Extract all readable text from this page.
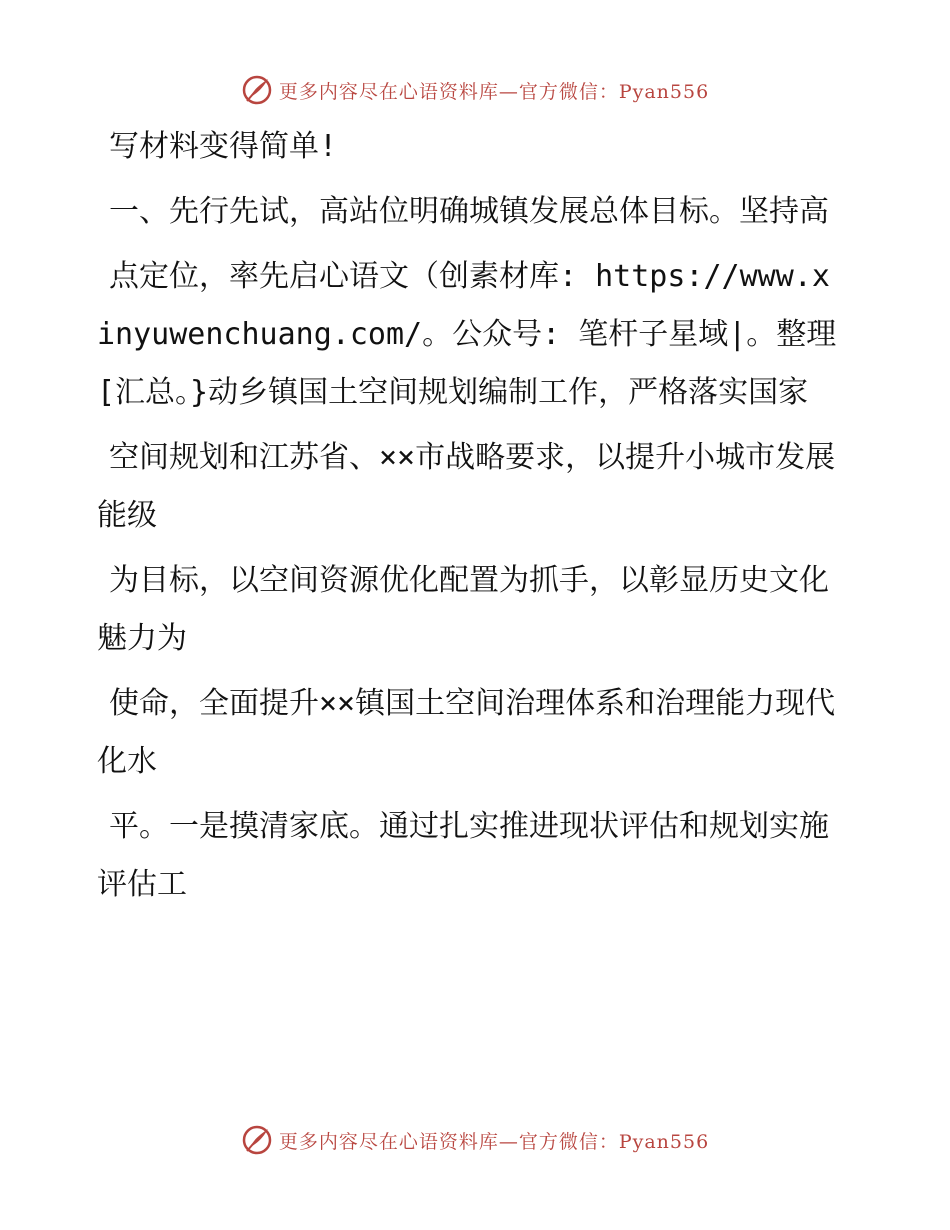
更多内容尽在心语资料库—官方微信：Pyan556

写材料变得简单!

一、先行先试，高站位明确城镇发展总体目标。坚持高

点定位，率先启心语文（创素材库: https://www.xinyuwenchuang.com/。公众号: 笔杆子星域|。整理[汇总。}动乡镇国土空间规划编制工作，严格落实国家

空间规划和江苏省、××市战略要求，以提升小城市发展能级

为目标，以空间资源优化配置为抓手，以彰显历史文化魅力为

使命，全面提升××镇国土空间治理体系和治理能力现代化水

平。一是摸清家底。通过扎实推进现状评估和规划实施评估工

更多内容尽在心语资料库—官方微信：Pyan556
